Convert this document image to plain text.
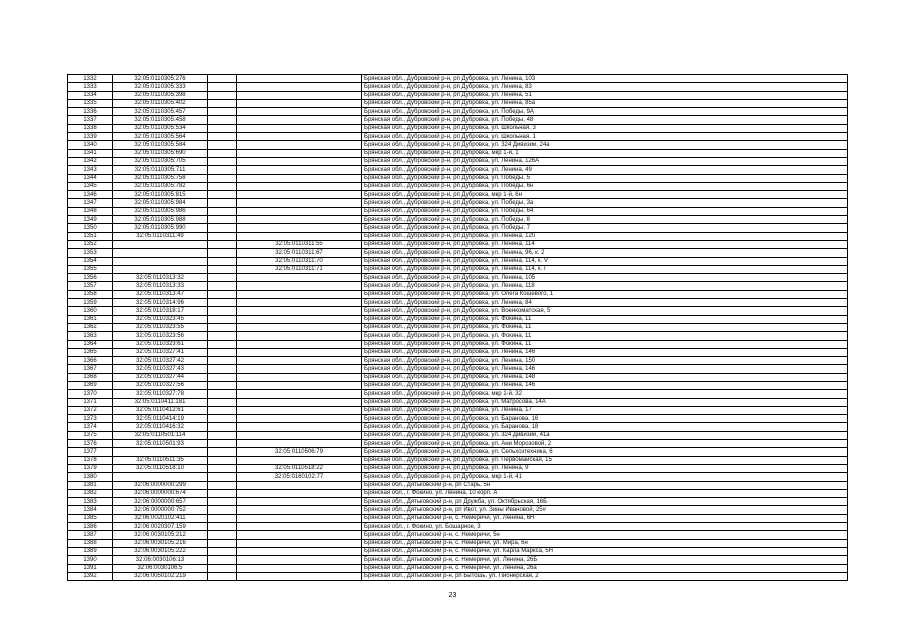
1332	32:05:0110305:276			Брянская обл., Дубровский р-н, рп Дубровка, ул. Ленина, 103
1333	32:05:0110305:333			Брянская обл., Дубровский р-н, рп Дубровка, ул. Ленина, 83
1334	32:05:0110305:398			Брянская обл., Дубровский р-н, рп Дубровка, ул. Ленина, 51
1335	32:05:0110305:402			Брянская обл., Дубровский р-н, рп Дубровка, ул. Ленина, 85а
1336	32:05:0110305:457			Брянская обл., Дубровский р-н, рп Дубровка, ул. Победы, 9А
1337	32:05:0110305:458			Брянская обл., Дубровский р-н, рп Дубровка, ул. Победы, 48
1338	32:05:0110305:534			Брянская обл., Дубровский р-н, рп Дубровка, ул. Школьная, 3
1339	32:05:0110305:564			Брянская обл., Дубровский р-н, рп Дубровка, ул. Школьная, 1
1340	32:05:0110305:584			Брянская обл., Дубровский р-н, рп Дубровка, ул. 324 Дивизии, 24а
1341	32:05:0110305:690			Брянская обл., Дубровский р-н, рп Дубровка, мкр 1-й, 1
1342	32:05:0110305:705			Брянская обл., Дубровский р-н, рп Дубровка, ул. Ленина, 126А
1343	32:05:0110305:711			Брянская обл., Дубровский р-н, рп Дубровка, ул. Ленина, 49
1344	32:05:0110305:758			Брянская обл., Дубровский р-н, рп Дубровка, ул. Победы, 5
1345	32:05:0110305:782			Брянская обл., Дубровский р-н, рп Дубровка, ул. Победы, 6н
1346	32:05:0110305:815			Брянская обл., Дубровский р-н, рп Дубровка, мкр 1-й, 6н
1347	32:05:0110305:984			Брянская обл., Дубровский р-н, рп Дубровка, ул. Победы, 3а
1348	32:05:0110305:986			Брянская обл., Дубровский р-н, рп Дубровка, ул. Победы, 64
1349	32:05:0110305:988			Брянская обл., Дубровский р-н, рп Дубровка, ул. Победы, 8
1350	32:05:0110305:990			Брянская обл., Дубровский р-н, рп Дубровка, ул. Победы, 7
1351	32:05:0110311:49			Брянская обл., Дубровский р-н, рп Дубровка, ул. Ленина, 120
1352			32:05:0110311:55	Брянская обл., Дубровский р-н, рп Дубровка, ул. Ленина, 114
1353			32:05:0110311:67	Брянская обл., Дубровский р-н, рп Дубровка, ул. Ленина, 96, к. 2
1354			32:05:0110311:70	Брянская обл., Дубровский р-н, рп Дубровка, ул. Ленина, 114, к. V
1355			32:05:0110311:71	Брянская обл., Дубровский р-н, рп Дубровка, ул. Ленина, 114, к. I
1356	32:05:0110313:32			Брянская обл., Дубровский р-н, рп Дубровка, ул. Ленина, 105
1357	32:05:0110313:33			Брянская обл., Дубровский р-н, рп Дубровка, ул. Ленина, 118
1358	32:05:0110313:47			Брянская обл., Дубровский р-н, рп Дубровка, ул. Олега Кошевого, 1
1359	32:05:0110314:96			Брянская обл., Дубровский р-н, рп Дубровка, ул. Ленина, 84
1360	32:05:0110318:17			Брянская обл., Дубровский р-н, рп Дубровка, ул. Военкоматская, 5
1361	32:05:0110323:45			Брянская обл., Дубровский р-н, рп Дубровка, ул. Фокина, 11
1362	32:05:0110323:55			Брянская обл., Дубровский р-н, рп Дубровка, ул. Фокина, 11
1363	32:05:0110323:56			Брянская обл., Дубровский р-н, рп Дубровка, ул. Фокина, 11
1364	32:05:0110323:61			Брянская обл., Дубровский р-н, рп Дубровка, ул. Фокина, 11
1365	32:05:0110327:41			Брянская обл., Дубровский р-н, рп Дубровка, ул. Ленина, 146
1366	32:05:0110327:42			Брянская обл., Дубровский р-н, рп Дубровка, ул. Ленина, 150
1367	32:05:0110327:43			Брянская обл., Дубровский р-н, рп Дубровка, ул. Ленина, 146
1368	32:05:0110327:44			Брянская обл., Дубровский р-н, рп Дубровка, ул. Ленина, 148
1369	32:05:0110327:56			Брянская обл., Дубровский р-н, рп Дубровка, ул. Ленина, 146
1370	32:05:0110327:78			Брянская обл., Дубровский р-н, рп Дубровка, мкр 1-й, 32
1371	32:05:0110411:181			Брянская обл., Дубровский р-н, рп Дубровка, ул. Матросова, 14А
1372	32:05:0110412:61			Брянская обл., Дубровский р-н, рп Дубровка, ул. Ленина, 17
1373	32:05:0110414:19			Брянская обл., Дубровский р-н, рп Дубровка, ул. Баранова, 16
1374	32:05:0110416:32			Брянская обл., Дубровский р-н, рп Дубровка, ул. Баранова, 18
1375	32:05:0110501:114			Брянская обл., Дубровский р-н, рп Дубровка, ул. 324 Дивизии, 41а
1376	32:05:0110501:93			Брянская обл., Дубровский р-н, рп Дубровка, ул. Ани Морозовой, 2
1377			32:05:0110506:79	Брянская обл., Дубровский р-н, рп Дубровка, ул. Сельхозтехника, 6
1378	32:05:0110511:35			Брянская обл., Дубровский р-н, рп Дубровка, ул. Первомайская, 15
1379	32:05:0110518:10		32:05:0110518:22	Брянская обл., Дубровский р-н, рп Дубровка, ул. Ленина, 9
1380			32:05:0160102:77	Брянская обл., Дубровский р-н, рп Дубровка, мкр 1-й, 41
1381	32:06:0000000:299			Брянская обл., Дятьковский р-н, рп Старь, 5н
1382	32:06:0000000:674			Брянская обл., г. Фокино, ул. Ленина, 10 корп. А
1383	32:06:0000000:657			Брянская обл., Дятьковский р-н, рп Дружба, ул. Октябрьская, 16Б
1384	32:06:0000000:752			Брянская обл., Дятьковский р-н, рп Ивот, ул. Зины Ивановой, 25#
1385	32:06:0020102:411			Брянская обл., Дятьковский р-н, с. Немеричи, ул. Ленина, 6Н
1386	32:06:0020307:159			Брянская обл., г. Фокино, ул. Бошарное, 3
1387	32:06:0030105:212			Брянская обл., Дятьковский р-н, с. Немеричи, 5н
1388	32:06:0030105:216			Брянская обл., Дятьковский р-н, с. Немеричи, ул. Мира, 6н
1389	32:06:0030105:222			Брянская обл., Дятьковский р-н, с. Немеричи, ул. Карла Маркса, 5Н
1390	32:06:0030106:13			Брянская обл., Дятьковский р-н, с. Немеричи, ул. Ленина, 26Б
1391	32:06:0030106:5			Брянская обл., Дятьковский р-н, с. Немеричи, ул. Ленина, 26а
1392	32:06:0050102:219			Брянская обл., Дятьковский р-н, рп Бытошь, ул. Пионерская, 2
23
